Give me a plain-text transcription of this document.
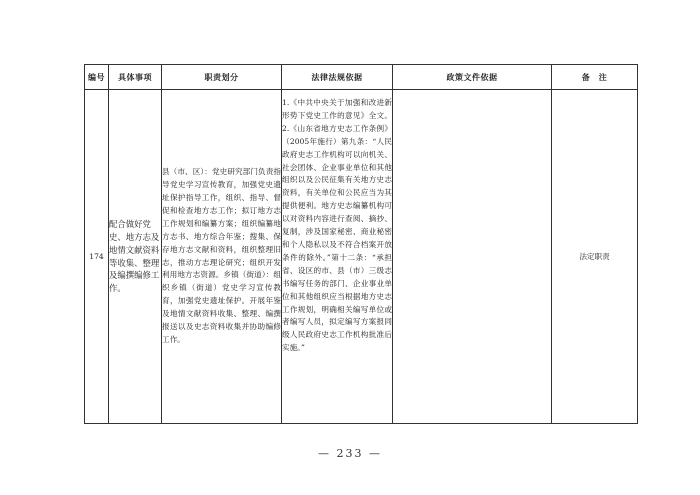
编号	具体事项	职责划分	法律法规依据	政策文件依据	备　注
174	配合做好党史、地方志及地情文献资料等收集、整理及编撰编修工作。	县（市、区）：党史研究部门负责指导党史学习宣传教育，加强党史遗址保护指导工作，组织、指导、督促和检查地方志工作；拟订地方志工作规划和编纂方案；组织编纂地方志书、地方综合年鉴；搜集、保存地方志文献和资料，组织整理旧志，推动方志理论研究；组织开发利用地方志资源。乡镇（街道）：组织乡镇（街道）党史学习宣传教育，加强党史遗址保护。开展年鉴及地情文献资料收集、整理、编撰报送以及史志资料收集并协助编修工作。	1.《中共中央关于加强和改进新形势下党史工作的意见》全文。2.《山东省地方史志工作条例》（2005年施行）第九条：“人民政府史志工作机构可以向机关、社会团体、企业事业单位和其他组织以及公民征集有关地方史志资料，有关单位和公民应当为其提供便利。地方史志编纂机构可以对资料内容进行查阅、摘抄、复制，涉及国家秘密、商业秘密和个人隐私以及不符合档案开放条件的除外。”第十二条：“承担省、设区的市、县（市）三级志书编写任务的部门、企业事业单位和其他组织应当根据地方史志工作规划，明确相关编写单位或者编写人员，拟定编写方案报同级人民政府史志工作机构批准后实施。”		法定职责
— 233 —
